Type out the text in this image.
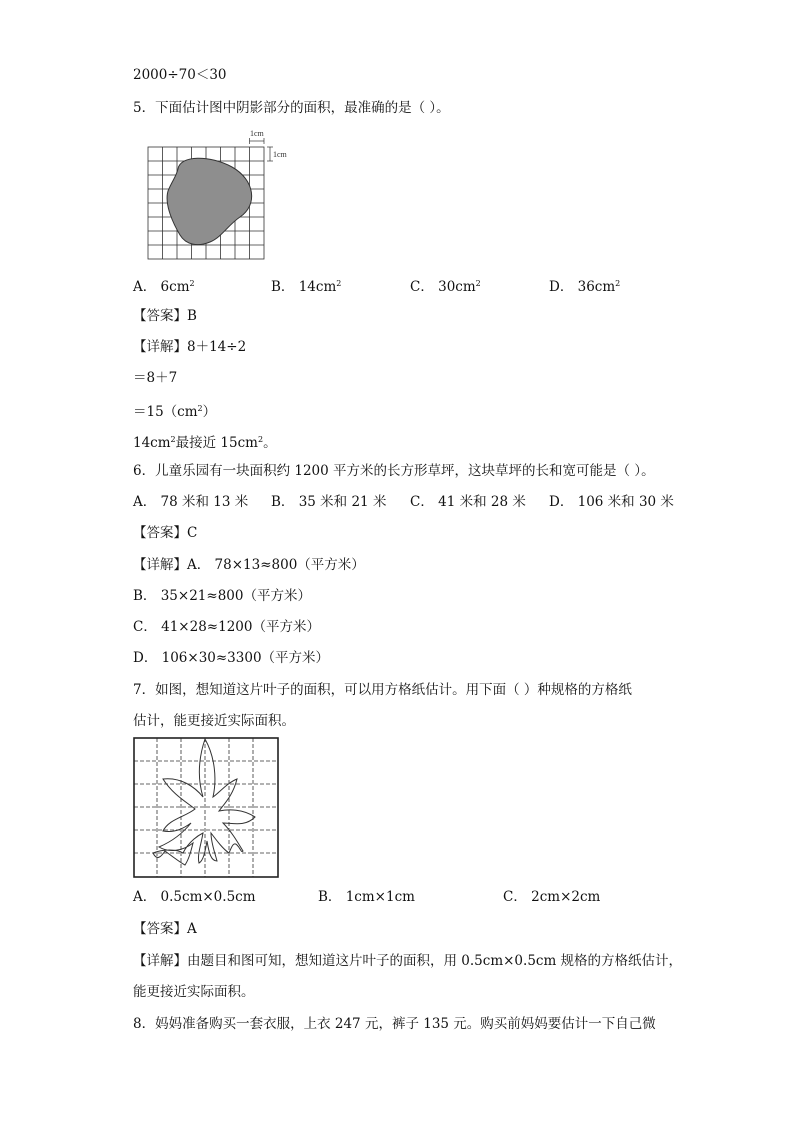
2000÷70＜30
5．下面估计图中阴影部分的面积，最准确的是（ ）。
1cm
1cm
A． $6cm^2$	B． $14cm^2$	C． $30cm^2$	D． $36cm^2$
【答案】B
【详解】8＋14÷2
＝8＋7
$=15(cm^2)$
$14cm^2$最接近 $15cm^2$。
6．儿童乐园有一块面积约 1200 平方米的长方形草坪，这块草坪的长和宽可能是（ ）。
A． 78 米和 13 米 B． 35 米和 21 米 C． 41 米和 28 米 D． 106 米和 30 米
【答案】C
【详解】A． 78×13≈800（平方米）
B． 35×21≈800（平方米）
C． 41×28≈1200（平方米）
D． 106×30≈3300（平方米）
7．如图，想知道这片叶子的面积，可以用方格纸估计。用下面（ ）种规格的方格纸
估计，能更接近实际面积。
A． 0.5cm×0.5cm	B． 1cm×1cm	C． 2cm×2cm
【答案】A
【详解】由题目和图可知，想知道这片叶子的面积，用 0.5cm×0.5cm 规格的方格纸估计，
能更接近实际面积。
8．妈妈准备购买一套衣服，上衣 247 元，裤子 135 元。购买前妈妈要估计一下自己微
